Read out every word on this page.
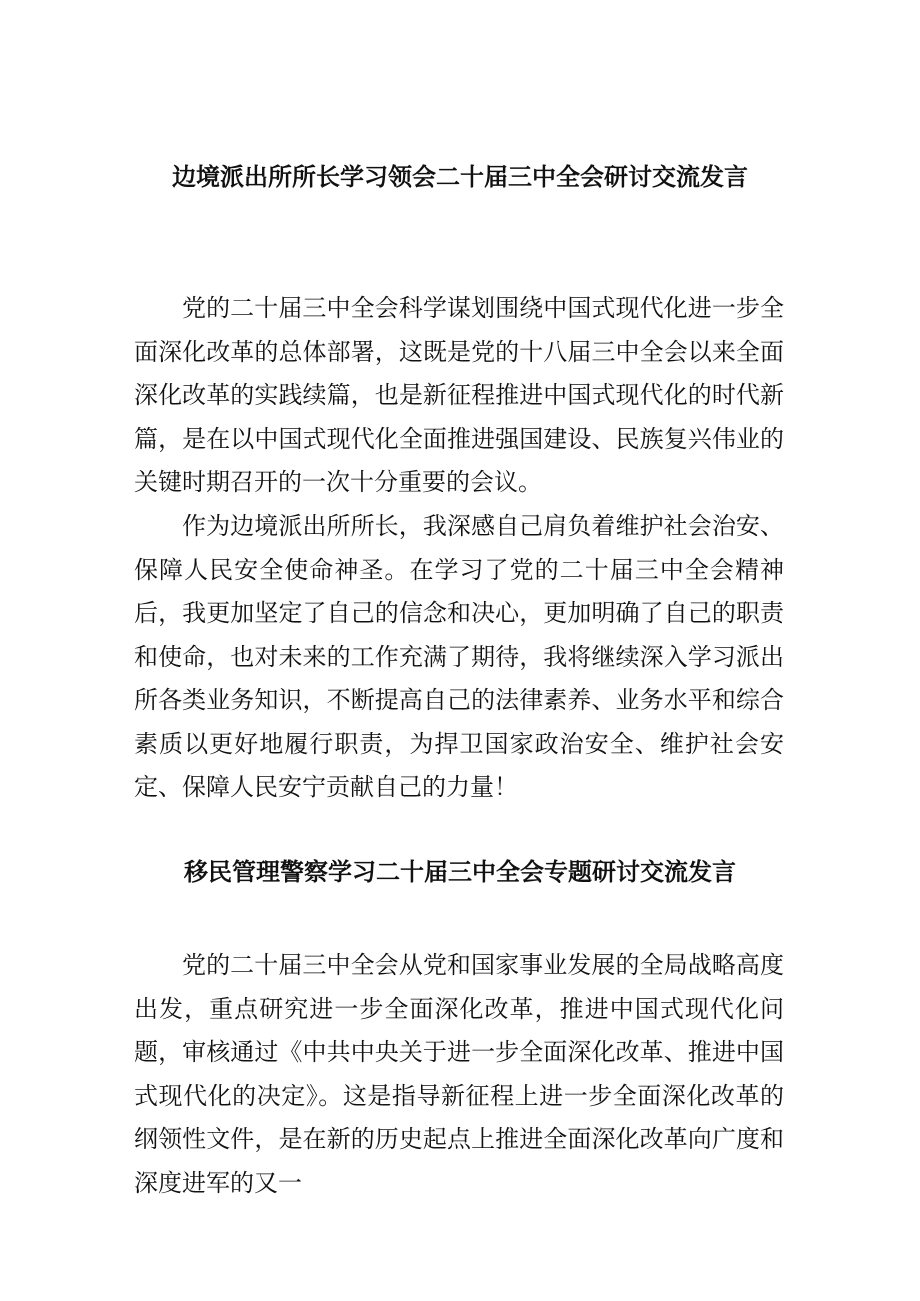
边境派出所所长学习领会二十届三中全会研讨交流发言

党的二十届三中全会科学谋划围绕中国式现代化进一步全面深化改革的总体部署，这既是党的十八届三中全会以来全面深化改革的实践续篇，也是新征程推进中国式现代化的时代新篇，是在以中国式现代化全面推进强国建设、民族复兴伟业的关键时期召开的一次十分重要的会议。

作为边境派出所所长，我深感自己肩负着维护社会治安、保障人民安全使命神圣。在学习了党的二十届三中全会精神后，我更加坚定了自己的信念和决心，更加明确了自己的职责和使命，也对未来的工作充满了期待，我将继续深入学习派出所各类业务知识，不断提高自己的法律素养、业务水平和综合素质以更好地履行职责，为捍卫国家政治安全、维护社会安定、保障人民安宁贡献自己的力量！

移民管理警察学习二十届三中全会专题研讨交流发言

党的二十届三中全会从党和国家事业发展的全局战略高度出发，重点研究进一步全面深化改革，推进中国式现代化问题，审核通过《中共中央关于进一步全面深化改革、推进中国式现代化的决定》。这是指导新征程上进一步全面深化改革的纲领性文件，是在新的历史起点上推进全面深化改革向广度和深度进军的又一
